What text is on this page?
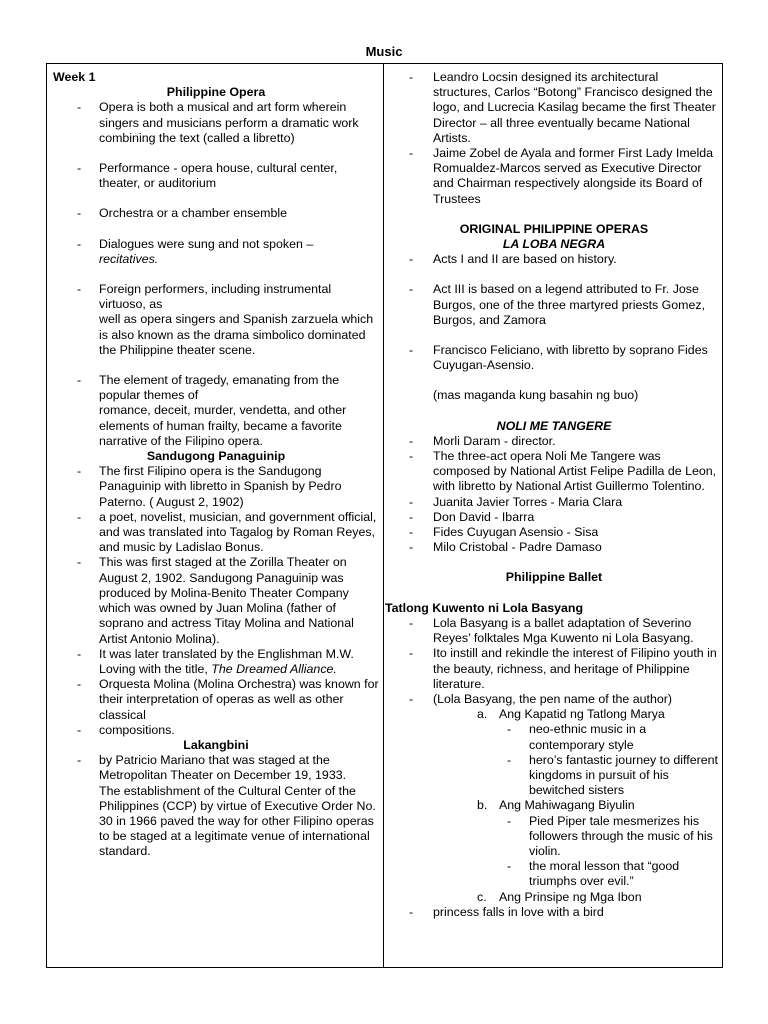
Music
Week 1
Philippine Opera
- Opera is both a musical and art form wherein singers and musicians perform a dramatic work combining the text (called a libretto)
- Performance - opera house, cultural center, theater, or auditorium
- Orchestra or a chamber ensemble
- Dialogues were sung and not spoken –
recitatives.
- Foreign performers, including instrumental virtuoso, as
well as opera singers and Spanish zarzuela which is also known as the drama simbolico dominated the Philippine theater scene.
- The element of tragedy, emanating from the popular themes of
romance, deceit, murder, vendetta, and other elements of human frailty, became a favorite narrative of the Filipino opera.
Sandugong Panaguinip
- The first Filipino opera is the Sandugong Panaguinip with libretto in Spanish by Pedro Paterno. ( August 2, 1902)
- a poet, novelist, musician, and government official, and was translated into Tagalog by Roman Reyes, and music by Ladislao Bonus.
- This was first staged at the Zorilla Theater on August 2, 1902. Sandugong Panaguinip was produced by Molina-Benito Theater Company which was owned by Juan Molina (father of soprano and actress Titay Molina and National Artist Antonio Molina).
- It was later translated by the Englishman M.W. Loving with the title, The Dreamed Alliance.
- Orquesta Molina (Molina Orchestra) was known for their interpretation of operas as well as other classical
- compositions.
Lakangbini
- by Patricio Mariano that was staged at the Metropolitan Theater on December 19, 1933.
The establishment of the Cultural Center of the Philippines (CCP) by virtue of Executive Order No. 30 in 1966 paved the way for other Filipino operas to be staged at a legitimate venue of international standard.
- Leandro Locsin designed its architectural structures, Carlos “Botong” Francisco designed the logo, and Lucrecia Kasilag became the first Theater Director – all three eventually became National Artists.
- Jaime Zobel de Ayala and former First Lady Imelda Romualdez-Marcos served as Executive Director and Chairman respectively alongside its Board of Trustees
ORIGINAL PHILIPPINE OPERAS
LA LOBA NEGRA
- Acts I and II are based on history.
- Act III is based on a legend attributed to Fr. Jose Burgos, one of the three martyred priests Gomez, Burgos, and Zamora
- Francisco Feliciano, with libretto by soprano Fides Cuyugan-Asensio.
(mas maganda kung basahin ng buo)
NOLI ME TANGERE
- Morli Daram - director.
- The three-act opera Noli Me Tangere was composed by National Artist Felipe Padilla de Leon, with libretto by National Artist Guillermo Tolentino.
- Juanita Javier Torres - Maria Clara
- Don David - Ibarra
- Fides Cuyugan Asensio - Sisa
- Milo Cristobal - Padre Damaso
Philippine Ballet
Tatlong Kuwento ni Lola Basyang
- Lola Basyang is a ballet adaptation of Severino Reyes’ folktales Mga Kuwento ni Lola Basyang.
- Ito instill and rekindle the interest of Filipino youth in the beauty, richness, and heritage of Philippine literature.
- (Lola Basyang, the pen name of the author)
a. Ang Kapatid ng Tatlong Marya
- neo-ethnic music in a contemporary style
- hero’s fantastic journey to different kingdoms in pursuit of his bewitched sisters
b. Ang Mahiwagang Biyulin
- Pied Piper tale mesmerizes his followers through the music of his violin.
- the moral lesson that “good triumphs over evil.”
c. Ang Prinsipe ng Mga Ibon
- princess falls in love with a bird
